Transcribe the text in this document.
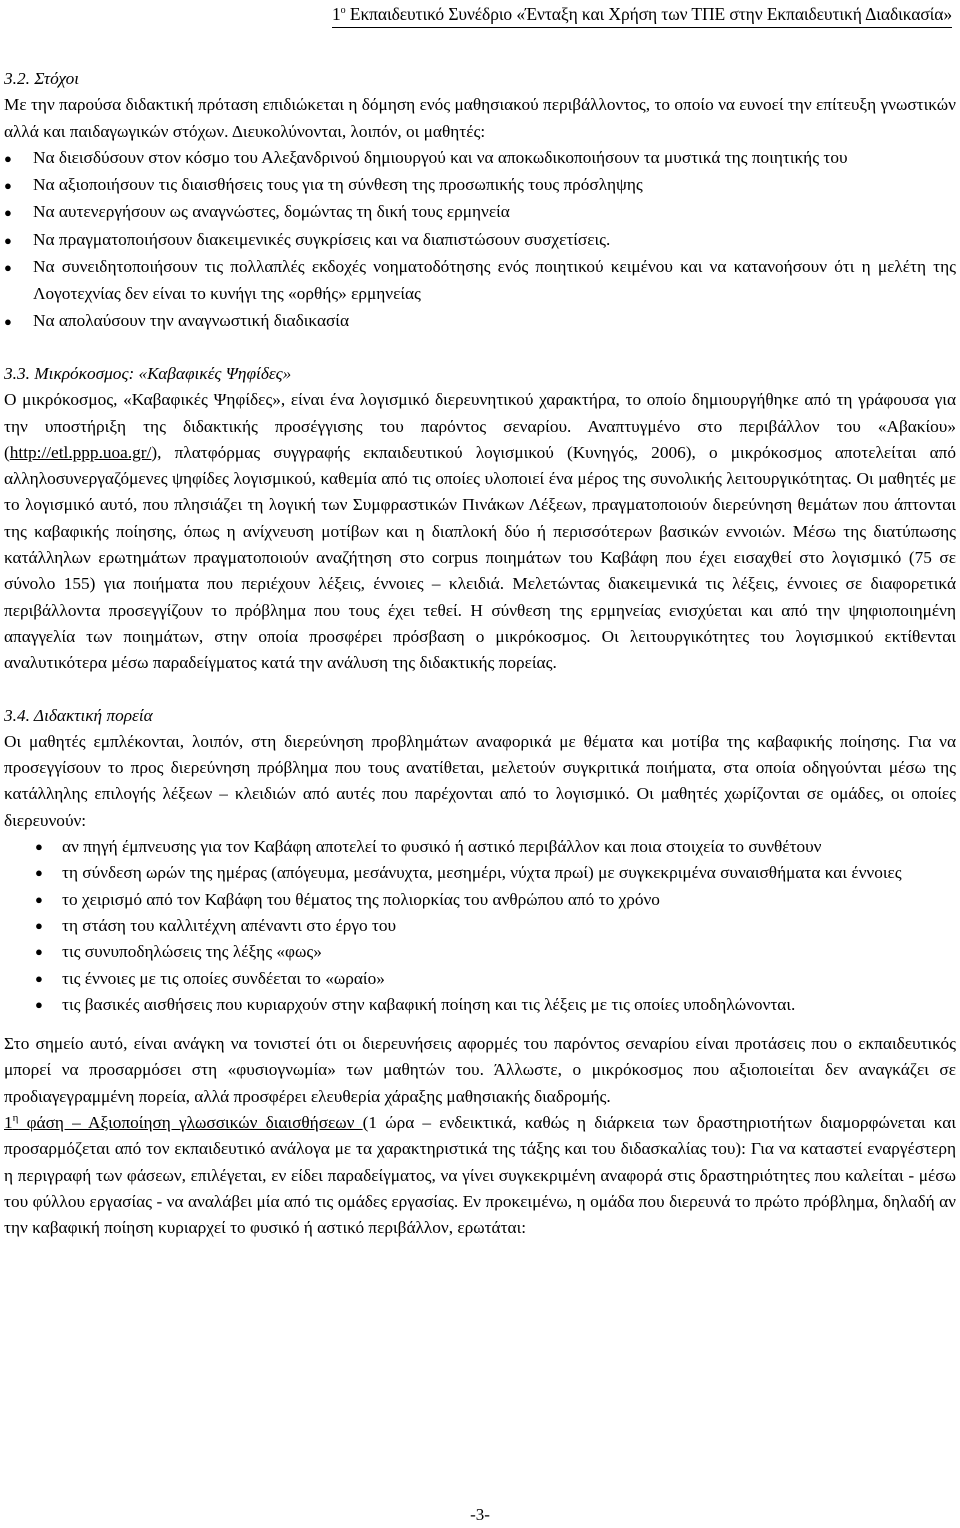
$1^o$ Εκπαιδευτικό Συνέδριο «Ένταξη και Χρήση των ΤΠΕ στην Εκπαιδευτική Διαδικασία»

3.2. Στόχοι

Με την παρούσα διδακτική πρόταση επιδιώκεται η δόμηση ενός μαθησιακού περιβάλλοντος, το οποίο να ευνοεί την επίτευξη γνωστικών αλλά και παιδαγωγικών στόχων. Διευκολύνονται, λοιπόν, οι μαθητές:

● Να διεισδύσουν στον κόσμο του Αλεξανδρινού δημιουργού και να αποκωδικοποιήσουν τα μυστικά της ποιητικής του
● Να αξιοποιήσουν τις διαισθήσεις τους για τη σύνθεση της προσωπικής τους πρόσληψης
● Να αυτενεργήσουν ως αναγνώστες, δομώντας τη δική τους ερμηνεία
● Να πραγματοποιήσουν διακειμενικές συγκρίσεις και να διαπιστώσουν συσχετίσεις.
● Να συνειδητοποιήσουν τις πολλαπλές εκδοχές νοηματοδότησης ενός ποιητικού κειμένου και να κατανοήσουν ότι η μελέτη της Λογοτεχνίας δεν είναι το κυνήγι της «ορθής» ερμηνείας
● Να απολαύσουν την αναγνωστική διαδικασία

3.3. Μικρόκοσμος: «Καβαφικές Ψηφίδες»

Ο μικρόκοσμος, «Καβαφικές Ψηφίδες», είναι ένα λογισμικό διερευνητικού χαρακτήρα, το οποίο δημιουργήθηκε από τη γράφουσα για την υποστήριξη της διδακτικής προσέγγισης του παρόντος σεναρίου. Αναπτυγμένο στο περιβάλλον του «Αβακίου» (http://etl.ppp.uoa.gr/), πλατφόρμας συγγραφής εκπαιδευτικού λογισμικού (Κυνηγός, 2006), ο μικρόκοσμος αποτελείται από αλληλοσυνεργαζόμενες ψηφίδες λογισμικού, καθεμία από τις οποίες υλοποιεί ένα μέρος της συνολικής λειτουργικότητας. Οι μαθητές με το λογισμικό αυτό, που πλησιάζει τη λογική των Συμφραστικών Πινάκων Λέξεων, πραγματοποιούν διερεύνηση θεμάτων που άπτονται της καβαφικής ποίησης, όπως η ανίχνευση μοτίβων και η διαπλοκή δύο ή περισσότερων βασικών εννοιών. Μέσω της διατύπωσης κατάλληλων ερωτημάτων πραγματοποιούν αναζήτηση στο corpus ποιημάτων του Καβάφη που έχει εισαχθεί στο λογισμικό (75 σε σύνολο 155) για ποιήματα που περιέχουν λέξεις, έννοιες – κλειδιά. Μελετώντας διακειμενικά τις λέξεις, έννοιες σε διαφορετικά περιβάλλοντα προσεγγίζουν το πρόβλημα που τους έχει τεθεί. Η σύνθεση της ερμηνείας ενισχύεται και από την ψηφιοποιημένη απαγγελία των ποιημάτων, στην οποία προσφέρει πρόσβαση ο μικρόκοσμος. Οι λειτουργικότητες του λογισμικού εκτίθενται αναλυτικότερα μέσω παραδείγματος κατά την ανάλυση της διδακτικής πορείας.

3.4. Διδακτική πορεία

Οι μαθητές εμπλέκονται, λοιπόν, στη διερεύνηση προβλημάτων αναφορικά με θέματα και μοτίβα της καβαφικής ποίησης. Για να προσεγγίσουν το προς διερεύνηση πρόβλημα που τους ανατίθεται, μελετούν συγκριτικά ποιήματα, στα οποία οδηγούνται μέσω της κατάλληλης επιλογής λέξεων – κλειδιών από αυτές που παρέχονται από το λογισμικό. Οι μαθητές χωρίζονται σε ομάδες, οι οποίες διερευνούν:

● αν πηγή έμπνευσης για τον Καβάφη αποτελεί το φυσικό ή αστικό περιβάλλον και ποια στοιχεία το συνθέτουν
● τη σύνδεση ωρών της ημέρας (απόγευμα, μεσάνυχτα, μεσημέρι, νύχτα πρωί) με συγκεκριμένα συναισθήματα και έννοιες
● το χειρισμό από τον Καβάφη του θέματος της πολιορκίας του ανθρώπου από το χρόνο
● τη στάση του καλλιτέχνη απέναντι στο έργο του
● τις συνυποδηλώσεις της λέξης «φως»
● τις έννοιες με τις οποίες συνδέεται το «ωραίο»
● τις βασικές αισθήσεις που κυριαρχούν στην καβαφική ποίηση και τις λέξεις με τις οποίες υποδηλώνονται.

Στο σημείο αυτό, είναι ανάγκη να τονιστεί ότι οι διερευνήσεις αφορμές του παρόντος σεναρίου είναι προτάσεις που ο εκπαιδευτικός μπορεί να προσαρμόσει στη «φυσιογνωμία» των μαθητών του. Άλλωστε, ο μικρόκοσμος που αξιοποιείται δεν αναγκάζει σε προδιαγεγραμμένη πορεία, αλλά προσφέρει ελευθερία χάραξης μαθησιακής διαδρομής.

$1^\eta$ φάση – Αξιοποίηση γλωσσικών διαισθήσεων (1 ώρα – ενδεικτικά, καθώς η διάρκεια των δραστηριοτήτων διαμορφώνεται και προσαρμόζεται από τον εκπαιδευτικό ανάλογα με τα χαρακτηριστικά της τάξης και του διδασκαλίας του): Για να καταστεί εναργέστερη η περιγραφή των φάσεων, επιλέγεται, εν είδει παραδείγματος, να γίνει συγκεκριμένη αναφορά στις δραστηριότητες που καλείται - μέσω του φύλλου εργασίας - να αναλάβει μία από τις ομάδες εργασίας. Εν προκειμένω, η ομάδα που διερευνά το πρώτο πρόβλημα, δηλαδή αν την καβαφική ποίηση κυριαρχεί το φυσικό ή αστικό περιβάλλον, ερωτάται:

-3-
